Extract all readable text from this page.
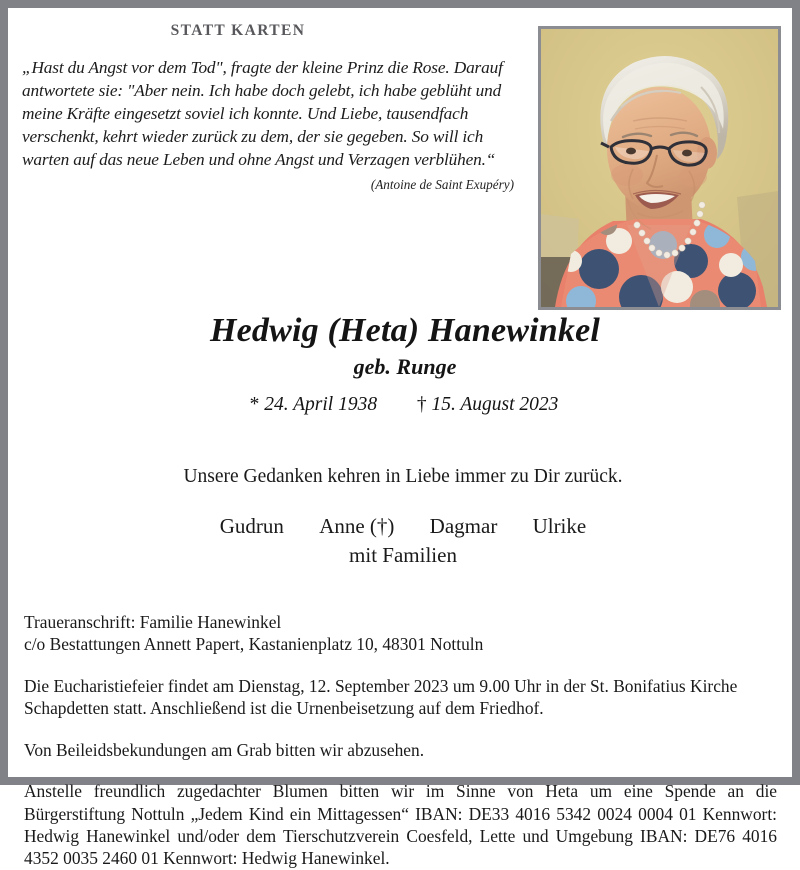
STATT KARTEN
„Hast du Angst vor dem Tod", fragte der kleine Prinz die Rose. Darauf antwortete sie: "Aber nein. Ich habe doch gelebt, ich habe geblüht und meine Kräfte eingesetzt soviel ich konnte. Und Liebe, tausendfach verschenkt, kehrt wieder zurück zu dem, der sie gegeben. So will ich warten auf das neue Leben und ohne Angst und Verzagen verblühen.“
(Antoine de Saint Exupéry)
Hedwig (Heta) Hanewinkel
geb. Runge
* 24. April 1938 † 15. August 2023
Unsere Gedanken kehren in Liebe immer zu Dir zurück.
Gudrun Anne (†) Dagmar Ulrike
mit Familien

Traueranschrift: Familie Hanewinkel

c/o Bestattungen Annett Papert, Kastanienplatz 10, 48301 Nottuln

Die Eucharistiefeier findet am Dienstag, 12. September 2023 um 9.00 Uhr in der St. Bonifatius Kirche Schapdetten statt. Anschließend ist die Urnenbeisetzung auf dem Friedhof.

Von Beileidsbekundungen am Grab bitten wir abzusehen.

Anstelle freundlich zugedachter Blumen bitten wir im Sinne von Heta um eine Spende an die Bürgerstiftung Nottuln „Jedem Kind ein Mittagessen“ IBAN: DE33 4016 5342 0024 0004 01 Kennwort: Hedwig Hanewinkel und/oder dem Tierschutzverein Coesfeld, Lette und Umgebung IBAN: DE76 4016 4352 0035 2460 01 Kennwort: Hedwig Hanewinkel.
